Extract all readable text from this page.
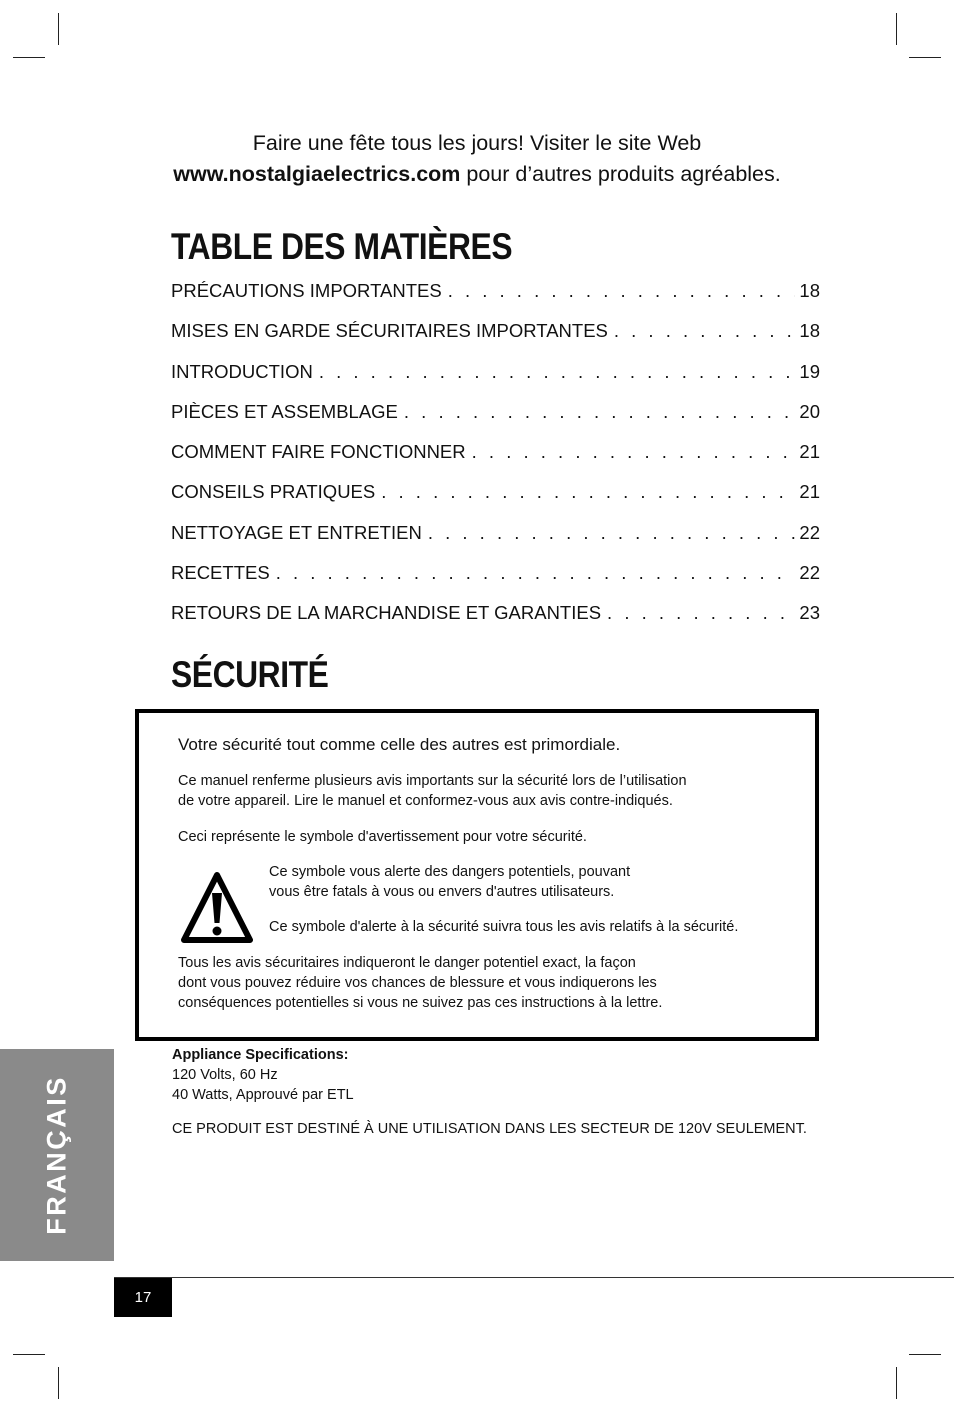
Faire une fête tous les jours! Visiter le site Web
www.nostalgiaelectrics.com pour d’autres produits agréables.
TABLE DES MATIÈRES
PRÉCAUTIONS IMPORTANTES . . .	18
MISES EN GARDE SÉCURITAIRES IMPORTANTES . . .	18
INTRODUCTION . . .	19
PIÈCES ET ASSEMBLAGE . . .	20
COMMENT FAIRE FONCTIONNER . . .	21
CONSEILS PRATIQUES . . .	21
NETTOYAGE ET ENTRETIEN . . .	22
RECETTES . . .	22
RETOURS DE LA MARCHANDISE ET GARANTIES . . .	23
SÉCURITÉ
Votre sécurité tout comme celle des autres est primordiale.
Ce manuel renferme plusieurs avis importants sur la sécurité lors de l’utilisation
de votre appareil. Lire le manuel et conformez-vous aux avis contre-indiqués.
Ceci représente le symbole d'avertissement pour votre sécurité.
Ce symbole vous alerte des dangers potentiels, pouvant
vous être fatals à vous ou envers d'autres utilisateurs.
Ce symbole d'alerte à la sécurité suivra tous les avis relatifs à la sécurité.
Tous les avis sécuritaires indiqueront le danger potentiel exact, la façon
dont vous pouvez réduire vos chances de blessure et vous indiquerons les
conséquences potentielles si vous ne suivez pas ces instructions à la lettre.
Appliance Specifications:
120 Volts, 60 Hz
40 Watts, Approuvé par ETL
CE PRODUIT EST DESTINÉ À UNE UTILISATION DANS LES SECTEUR DE 120V SEULEMENT.
FRANÇAIS
17
